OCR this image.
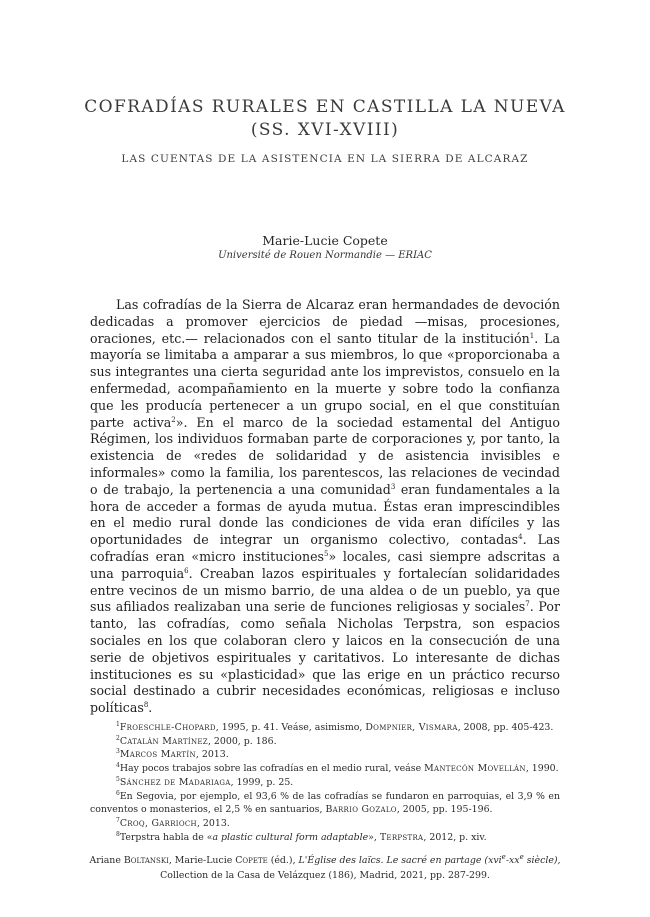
COFRADÍAS RURALES EN CASTILLA LA NUEVA
(SS. XVI-XVIII)
LAS CUENTAS DE LA ASISTENCIA EN LA SIERRA DE ALCARAZ
Marie-Lucie Copete
Université de Rouen Normandie — ERIAC

Las cofradías de la Sierra de Alcaraz eran hermandades de devoción dedicadas a promover ejercicios de piedad —misas, procesiones, oraciones, etc.— relacionados con el santo titular de la institución$^1$. La mayoría se limitaba a amparar a sus miembros, lo que «proporcionaba a sus integrantes una cierta seguridad ante los imprevistos, consuelo en la enfermedad, acompañamiento en la muerte y sobre todo la confianza que les producía pertenecer a un grupo social, en el que constituían parte activa$^2$». En el marco de la sociedad estamental del Antiguo Régimen, los individuos formaban parte de corporaciones y, por tanto, la existencia de «redes de solidaridad y de asistencia invisibles e informales» como la familia, los parentescos, las relaciones de vecindad o de trabajo, la pertenencia a una comunidad$^3$ eran fundamentales a la hora de acceder a formas de ayuda mutua. Éstas eran imprescindibles en el medio rural donde las condiciones de vida eran difíciles y las oportunidades de integrar un organismo colectivo, contadas$^4$. Las cofradías eran «micro instituciones$^5$» locales, casi siempre adscritas a una parroquia$^6$. Creaban lazos espirituales y fortalecían solidaridades entre vecinos de un mismo barrio, de una aldea o de un pueblo, ya que sus afiliados realizaban una serie de funciones religiosas y sociales$^7$. Por tanto, las cofradías, como señala Nicholas Terpstra, son espacios sociales en los que colaboran clero y laicos en la consecución de una serie de objetivos espirituales y caritativos. Lo interesante de dichas instituciones es su «plasticidad» que las erige en un práctico recurso social destinado a cubrir necesidades económicas, religiosas e incluso políticas$^8$.

$^1$Froeschle-Chopard, 1995, p. 41. Veáse, asimismo, Dompnier, Vismara, 2008, pp. 405-423.

$^2$Catalán Martínez, 2000, p. 186.

$^3$Marcos Martín, 2013.

$^4$Hay pocos trabajos sobre las cofradías en el medio rural, veáse Mantecón Movellán, 1990.

$^5$Sánchez de Madariaga, 1999, p. 25.

$^6$En Segovia, por ejemplo, el 93,6 % de las cofradías se fundaron en parroquias, el 3,9 % en conventos o monasterios, el 2,5 % en santuarios, Barrio Gozalo, 2005, pp. 195-196.

$^7$Croq, Garrioch, 2013.

$^8$Terpstra habla de «a plastic cultural form adaptable», Terpstra, 2012, p. xiv.

Ariane Boltanski, Marie-Lucie Copete (éd.), L'Église des laïcs. Le sacré en partage ($xvi^e-xx^e$ siècle),
Collection de la Casa de Velázquez (186), Madrid, 2021, pp. 287-299.
